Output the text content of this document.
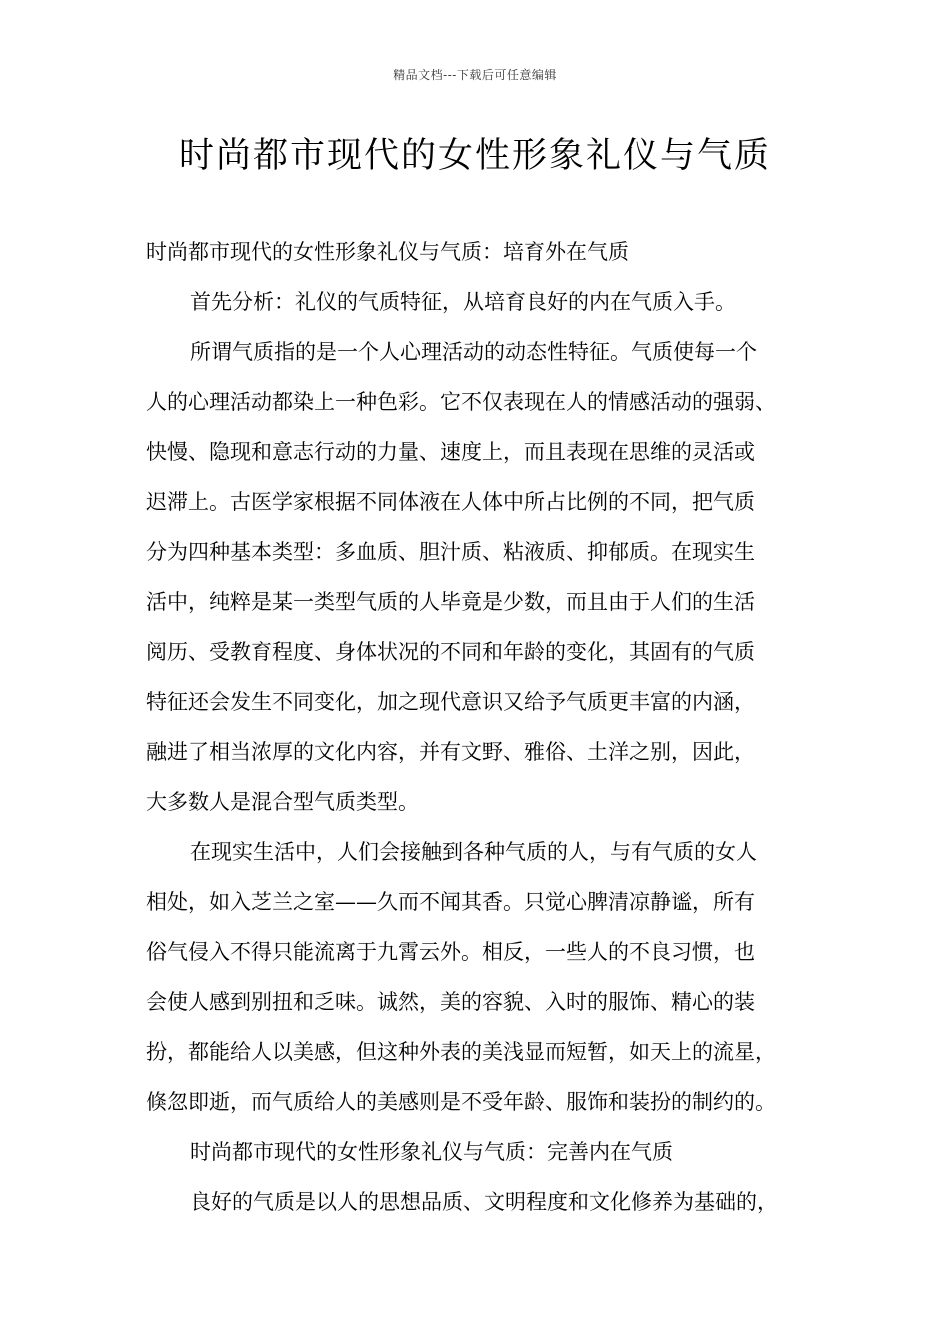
精品文档---下载后可任意编辑
时尚都市现代的女性形象礼仪与气质
时尚都市现代的女性形象礼仪与气质：培育外在气质
首先分析：礼仪的气质特征，从培育良好的内在气质入手。
所谓气质指的是一个人心理活动的动态性特征。气质使每一个
人的心理活动都染上一种色彩。它不仅表现在人的情感活动的强弱、
快慢、隐现和意志行动的力量、速度上，而且表现在思维的灵活或
迟滞上。古医学家根据不同体液在人体中所占比例的不同，把气质
分为四种基本类型：多血质、胆汁质、粘液质、抑郁质。在现实生
活中，纯粹是某一类型气质的人毕竟是少数，而且由于人们的生活
阅历、受教育程度、身体状况的不同和年龄的变化，其固有的气质
特征还会发生不同变化，加之现代意识又给予气质更丰富的内涵，
融进了相当浓厚的文化内容，并有文野、雅俗、土洋之别，因此，
大多数人是混合型气质类型。
在现实生活中，人们会接触到各种气质的人，与有气质的女人
相处，如入芝兰之室——久而不闻其香。只觉心脾清凉静谧，所有
俗气侵入不得只能流离于九霄云外。相反，一些人的不良习惯，也
会使人感到别扭和乏味。诚然，美的容貌、入时的服饰、精心的装
扮，都能给人以美感，但这种外表的美浅显而短暂，如天上的流星，
倏忽即逝，而气质给人的美感则是不受年龄、服饰和装扮的制约的。
时尚都市现代的女性形象礼仪与气质：完善内在气质
良好的气质是以人的思想品质、文明程度和文化修养为基础的，
